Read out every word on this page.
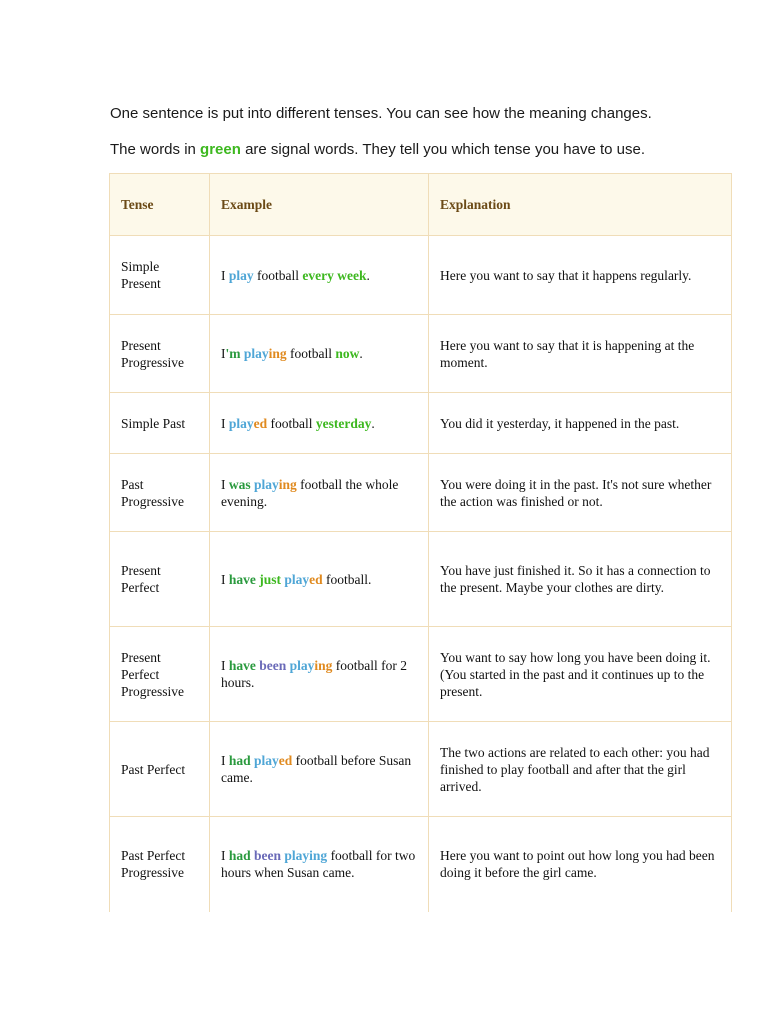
One sentence is put into different tenses. You can see how the meaning changes.

The words in green are signal words. They tell you which tense you have to use.

Tense	Example	Explanation
Simple Present	I play football every week.	Here you want to say that it happens regularly.
Present Progressive	I'm playing football now.	Here you want to say that it is happening at the moment.
Simple Past	I played football yesterday.	You did it yesterday, it happened in the past.
Past Progressive	I was playing football the whole evening.	You were doing it in the past. It's not sure whether the action was finished or not.
Present Perfect	I have just played football.	You have just finished it. So it has a connection to the present. Maybe your clothes are dirty.
Present Perfect Progressive	I have been playing football for 2 hours.	You want to say how long you have been doing it. (You started in the past and it continues up to the present.
Past Perfect	I had played football before Susan came.	The two actions are related to each other: you had finished to play football and after that the girl arrived.
Past Perfect Progressive	I had been playing football for two hours when Susan came.	Here you want to point out how long you had been doing it before the girl came.
